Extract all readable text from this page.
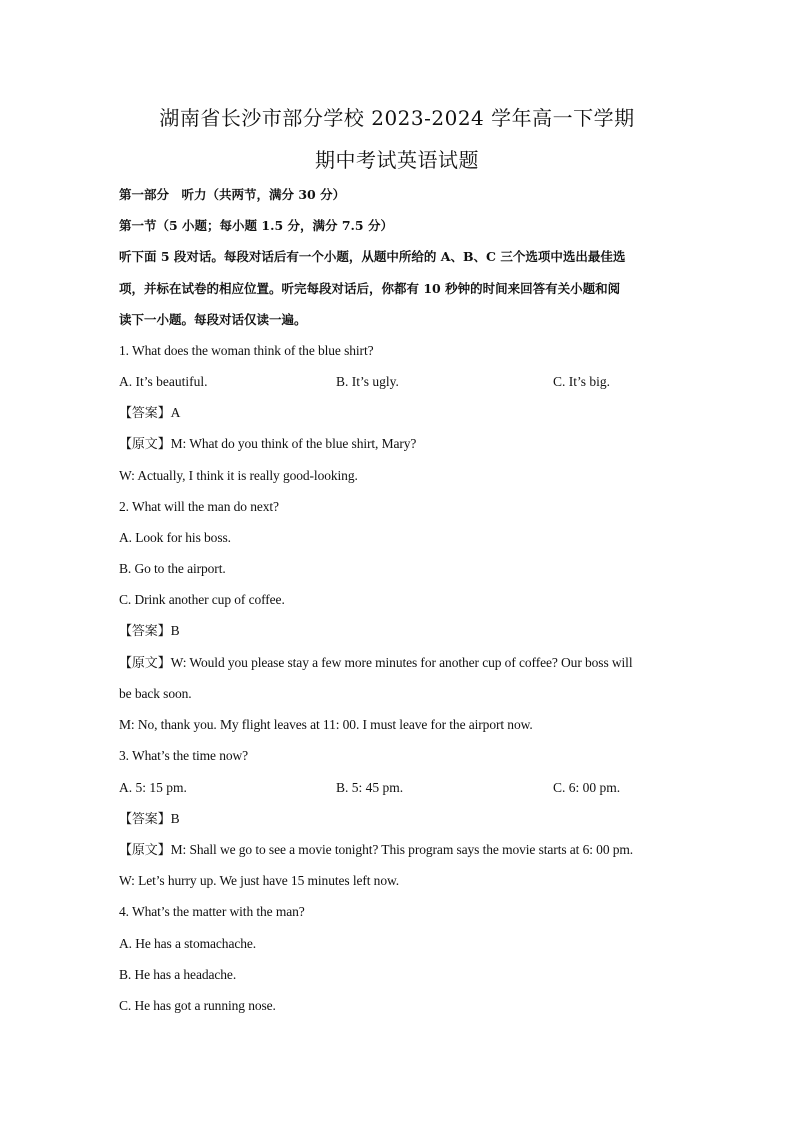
湖南省长沙市部分学校 2023-2024 学年高一下学期
期中考试英语试题
第一部分　听力（共两节，满分 30 分）
第一节（5 小题；每小题 1.5 分，满分 7.5 分）
听下面 5 段对话。每段对话后有一个小题，从题中所给的 A、B、C 三个选项中选出最佳选
项，并标在试卷的相应位置。听完每段对话后，你都有 10 秒钟的时间来回答有关小题和阅
读下一小题。每段对话仅读一遍。
1. What does the woman think of the blue shirt?
A. It’s beautiful.	B. It’s ugly.	C. It’s big.
【答案】A
【原文】M: What do you think of the blue shirt, Mary?
W: Actually, I think it is really good-looking.
2. What will the man do next?
A. Look for his boss.
B. Go to the airport.
C. Drink another cup of coffee.
【答案】B
【原文】W: Would you please stay a few more minutes for another cup of coffee? Our boss will
be back soon.
M: No, thank you. My flight leaves at 11: 00. I must leave for the airport now.
3. What’s the time now?
A. 5: 15 pm.	B. 5: 45 pm.	C. 6: 00 pm.
【答案】B
【原文】M: Shall we go to see a movie tonight? This program says the movie starts at 6: 00 pm.
W: Let’s hurry up. We just have 15 minutes left now.
4. What’s the matter with the man?
A. He has a stomachache.
B. He has a headache.
C. He has got a running nose.
